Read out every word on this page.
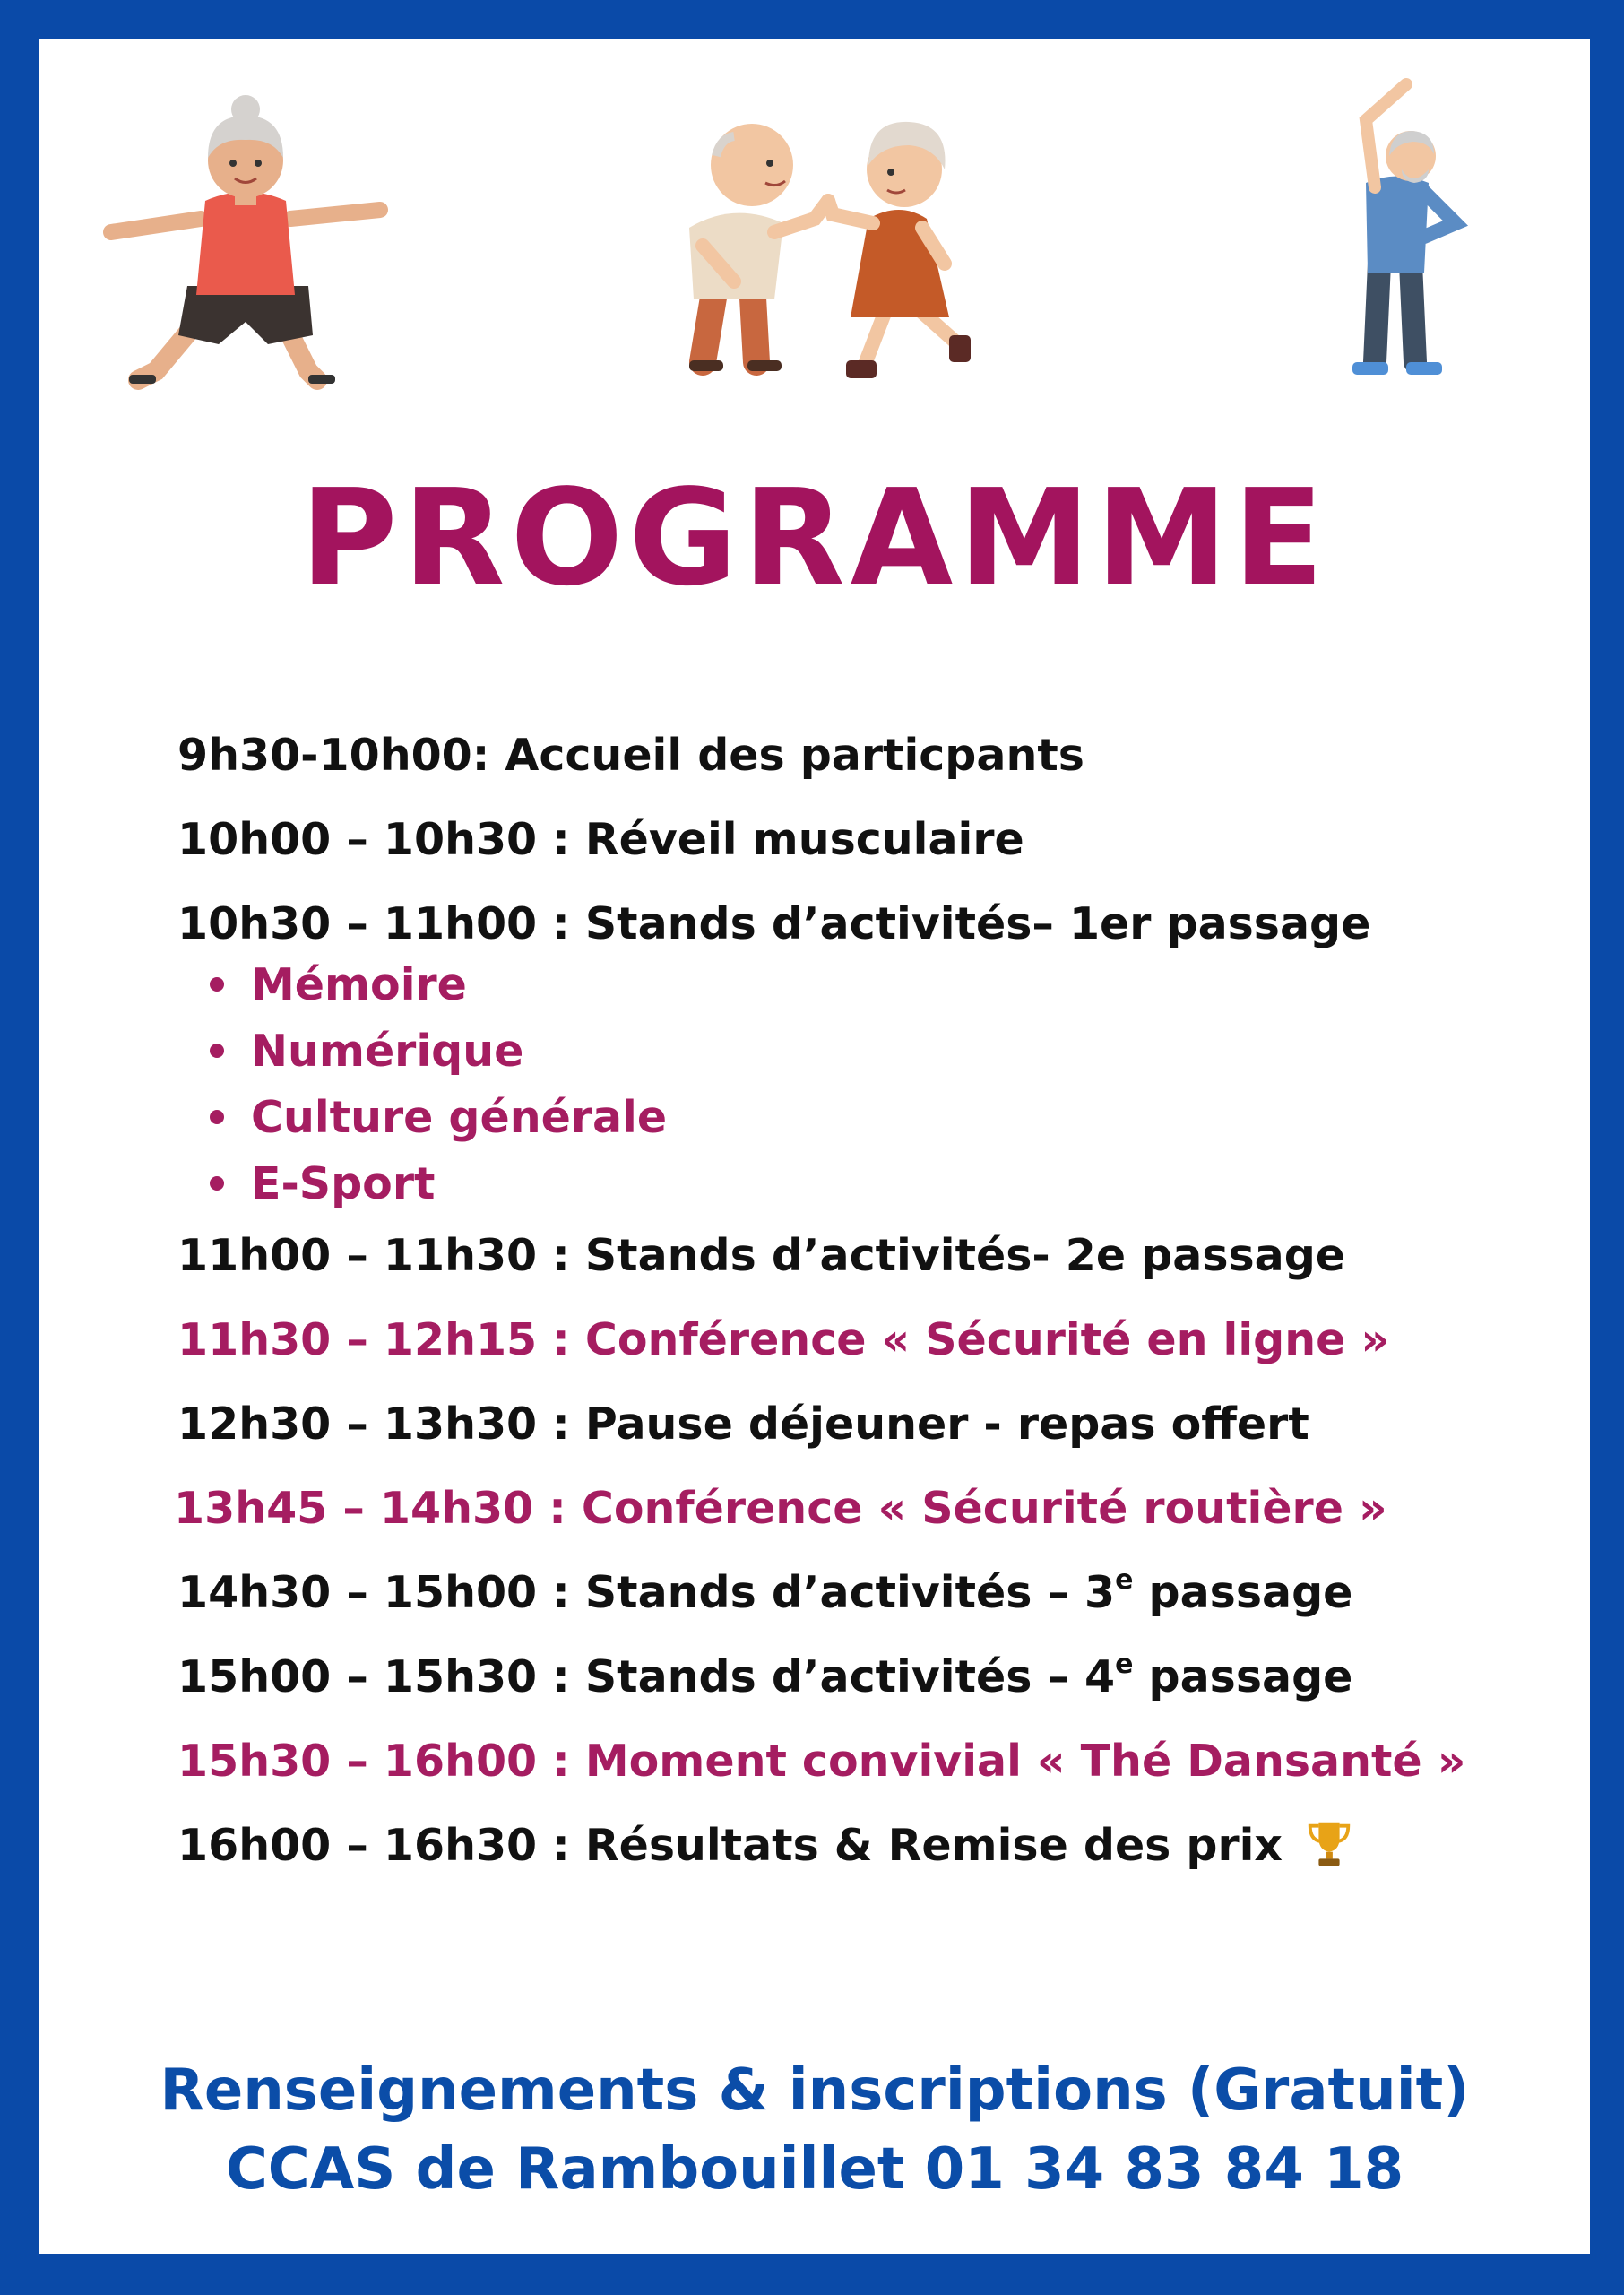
PROGRAMME
9h30-10h00: Accueil des particpants
10h00 – 10h30 : Réveil musculaire
10h30 – 11h00 : Stands d’activités– 1er passage
Mémoire
Numérique
Culture générale
E-Sport
11h00 – 11h30 : Stands d’activités- 2e passage
11h30 – 12h15 : Conférence « Sécurité en ligne »
12h30 – 13h30 : Pause déjeuner - repas offert
13h45 – 14h30 : Conférence « Sécurité routière »
14h30 – 15h00 : Stands d’activités – 3e passage
15h00 – 15h30 : Stands d’activités – 4e passage
15h30 – 16h00 : Moment convivial « Thé Dansanté »
16h00 – 16h30 : Résultats & Remise des prix
Renseignements & inscriptions (Gratuit)
CCAS de Rambouillet 01 34 83 84 18
